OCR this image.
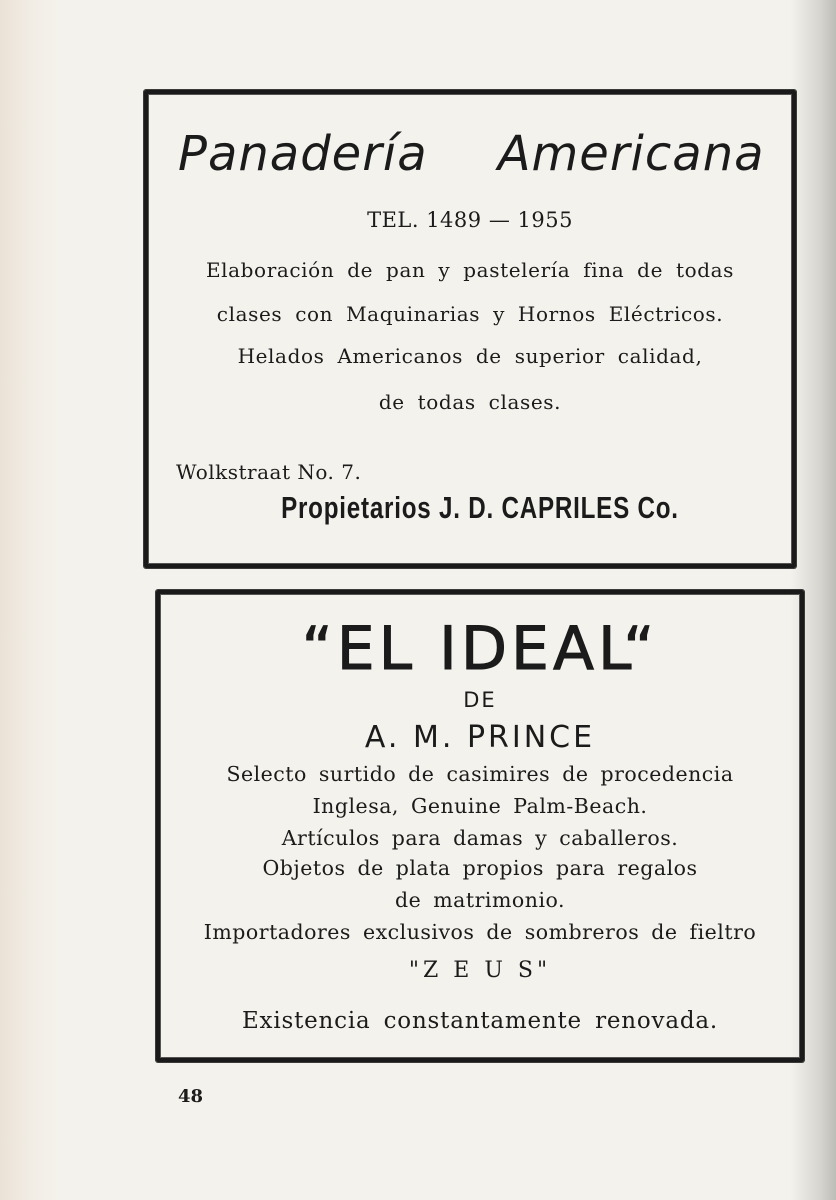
Panadería Americana
TEL. 1489 — 1955
Elaboración de pan y pastelería fina de todas
clases con Maquinarias y Hornos Eléctricos.
Helados Americanos de superior calidad,
de todas clases.
Wolkstraat No. 7.
Propietarios J. D. CAPRILES Co.
“EL IDEAL“
DE
A. M. PRINCE
Selecto surtido de casimires de procedencia
Inglesa, Genuine Palm-Beach.
Artículos para damas y caballeros.
Objetos de plata propios para regalos
de matrimonio.
Importadores exclusivos de sombreros de fieltro
"Z E U S"
Existencia constantamente renovada.
48
